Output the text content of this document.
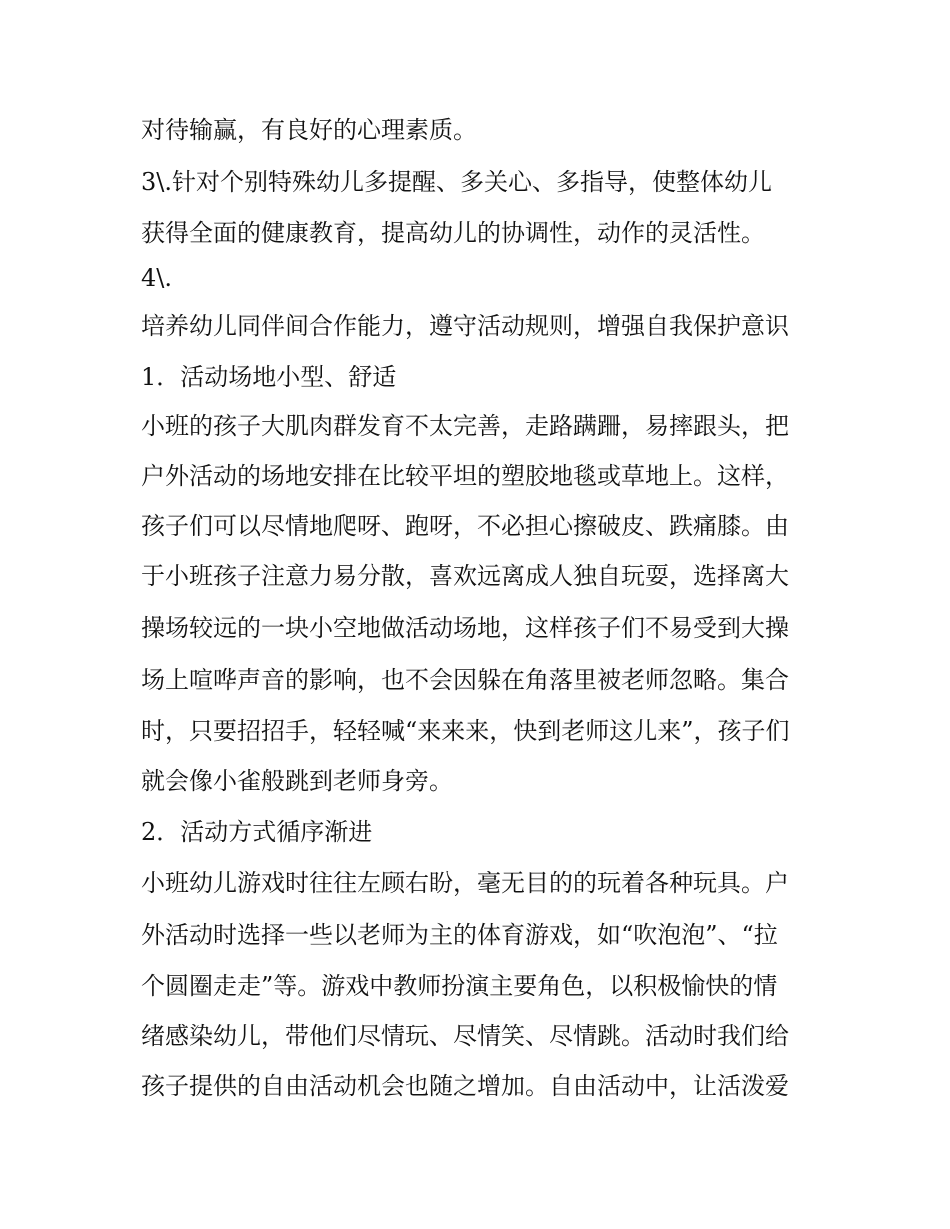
对待输赢，有良好的心理素质。
3\.针对个别特殊幼儿多提醒、多关心、多指导，使整体幼儿
获得全面的健康教育，提高幼儿的协调性，动作的灵活性。
4\.
培养幼儿同伴间合作能力，遵守活动规则，增强自我保护意识
1．活动场地小型、舒适
小班的孩子大肌肉群发育不太完善，走路蹒跚，易摔跟头，把
户外活动的场地安排在比较平坦的塑胶地毯或草地上。这样，
孩子们可以尽情地爬呀、跑呀，不必担心擦破皮、跌痛膝。由
于小班孩子注意力易分散，喜欢远离成人独自玩耍，选择离大
操场较远的一块小空地做活动场地，这样孩子们不易受到大操
场上喧哗声音的影响，也不会因躲在角落里被老师忽略。集合
时，只要招招手，轻轻喊“来来来，快到老师这儿来”，孩子们
就会像小雀般跳到老师身旁。
2．活动方式循序渐进
小班幼儿游戏时往往左顾右盼，毫无目的的玩着各种玩具。户
外活动时选择一些以老师为主的体育游戏，如“吹泡泡”、“拉
个圆圈走走”等。游戏中教师扮演主要角色，以积极愉快的情
绪感染幼儿，带他们尽情玩、尽情笑、尽情跳。活动时我们给
孩子提供的自由活动机会也随之增加。自由活动中，让活泼爱
